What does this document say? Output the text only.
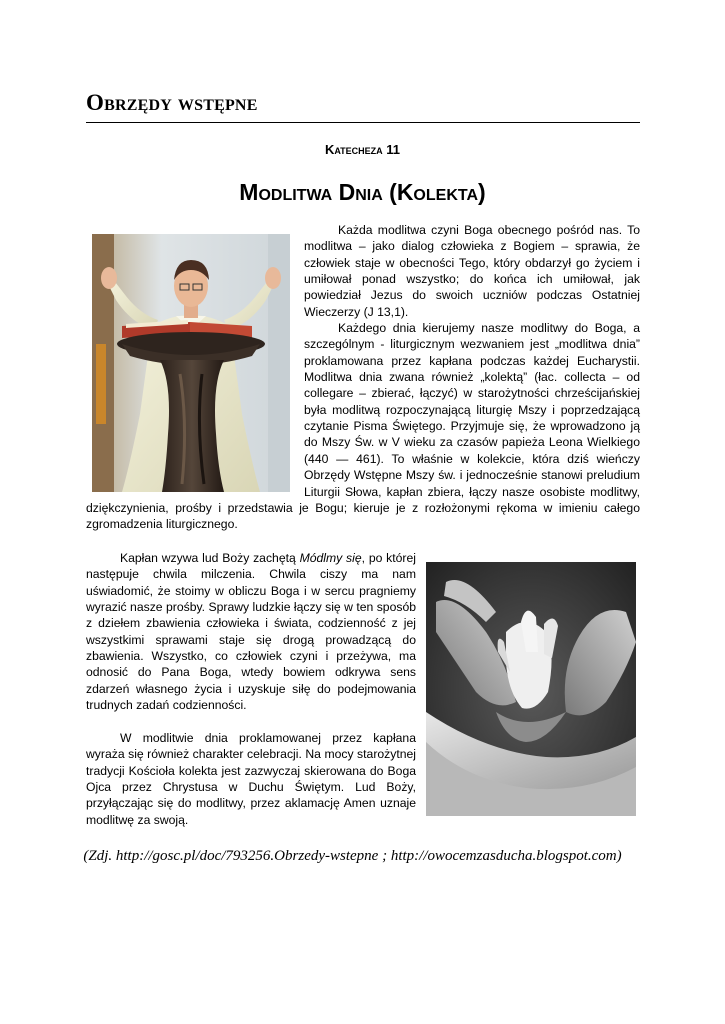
Obrzędy wstępne
Katecheza 11
Modlitwa Dnia (Kolekta)

Każda modlitwa czyni Boga obecnego pośród nas. To modlitwa – jako dialog człowieka z Bogiem – sprawia, że człowiek staje w obecności Tego, który obdarzył go życiem i umiłował ponad wszystko; do końca ich umiłował, jak powiedział Jezus do swoich uczniów podczas Ostatniej Wieczerzy (J 13,1).

Każdego dnia kierujemy nasze modlitwy do Boga, a szczególnym - liturgicznym wezwaniem jest „modlitwa dnia” proklamowana przez kapłana podczas każdej Eucharystii. Modlitwa dnia zwana również „kolektą” (łac. collecta – od collegare – zbierać, łączyć) w starożytności chrześcijańskiej była modlitwą rozpoczynającą liturgię Mszy i poprzedzającą czytanie Pisma Świętego. Przyjmuje się, że wprowadzono ją do Mszy Św. w V wieku za czasów papieża Leona Wielkiego (440 — 461). To właśnie w kolekcie, która dziś wieńczy Obrzędy Wstępne Mszy św. i jednocześnie stanowi preludium Liturgii Słowa, kapłan zbiera, łączy nasze osobiste modlitwy, dziękczynienia, prośby i przedstawia je Bogu; kieruje je z rozłożonymi rękoma w imieniu całego zgromadzenia liturgicznego.

Kapłan wzywa lud Boży zachętą Módlmy się, po której następuje chwila milczenia. Chwila ciszy ma nam uświadomić, że stoimy w obliczu Boga i w sercu pragniemy wyrazić nasze prośby. Sprawy ludzkie łączy się w ten sposób z dziełem zbawienia człowieka i świata, codzienność z jej wszystkimi sprawami staje się drogą prowadzącą do zbawienia. Wszystko, co człowiek czyni i przeżywa, ma odnosić do Pana Boga, wtedy bowiem odkrywa sens zdarzeń własnego życia i uzyskuje siłę do podejmowania trudnych zadań codzienności.

W modlitwie dnia proklamowanej przez kapłana wyraża się również charakter celebracji. Na mocy starożytnej tradycji Kościoła kolekta jest zazwyczaj skierowana do Boga Ojca przez Chrystusa w Duchu Świętym. Lud Boży, przyłączając się do modlitwy, przez aklamację Amen uznaje modlitwę za swoją.

(Zdj. http://gosc.pl/doc/793256.Obrzedy-wstepne ; http://owocemzasducha.blogspot.com)
